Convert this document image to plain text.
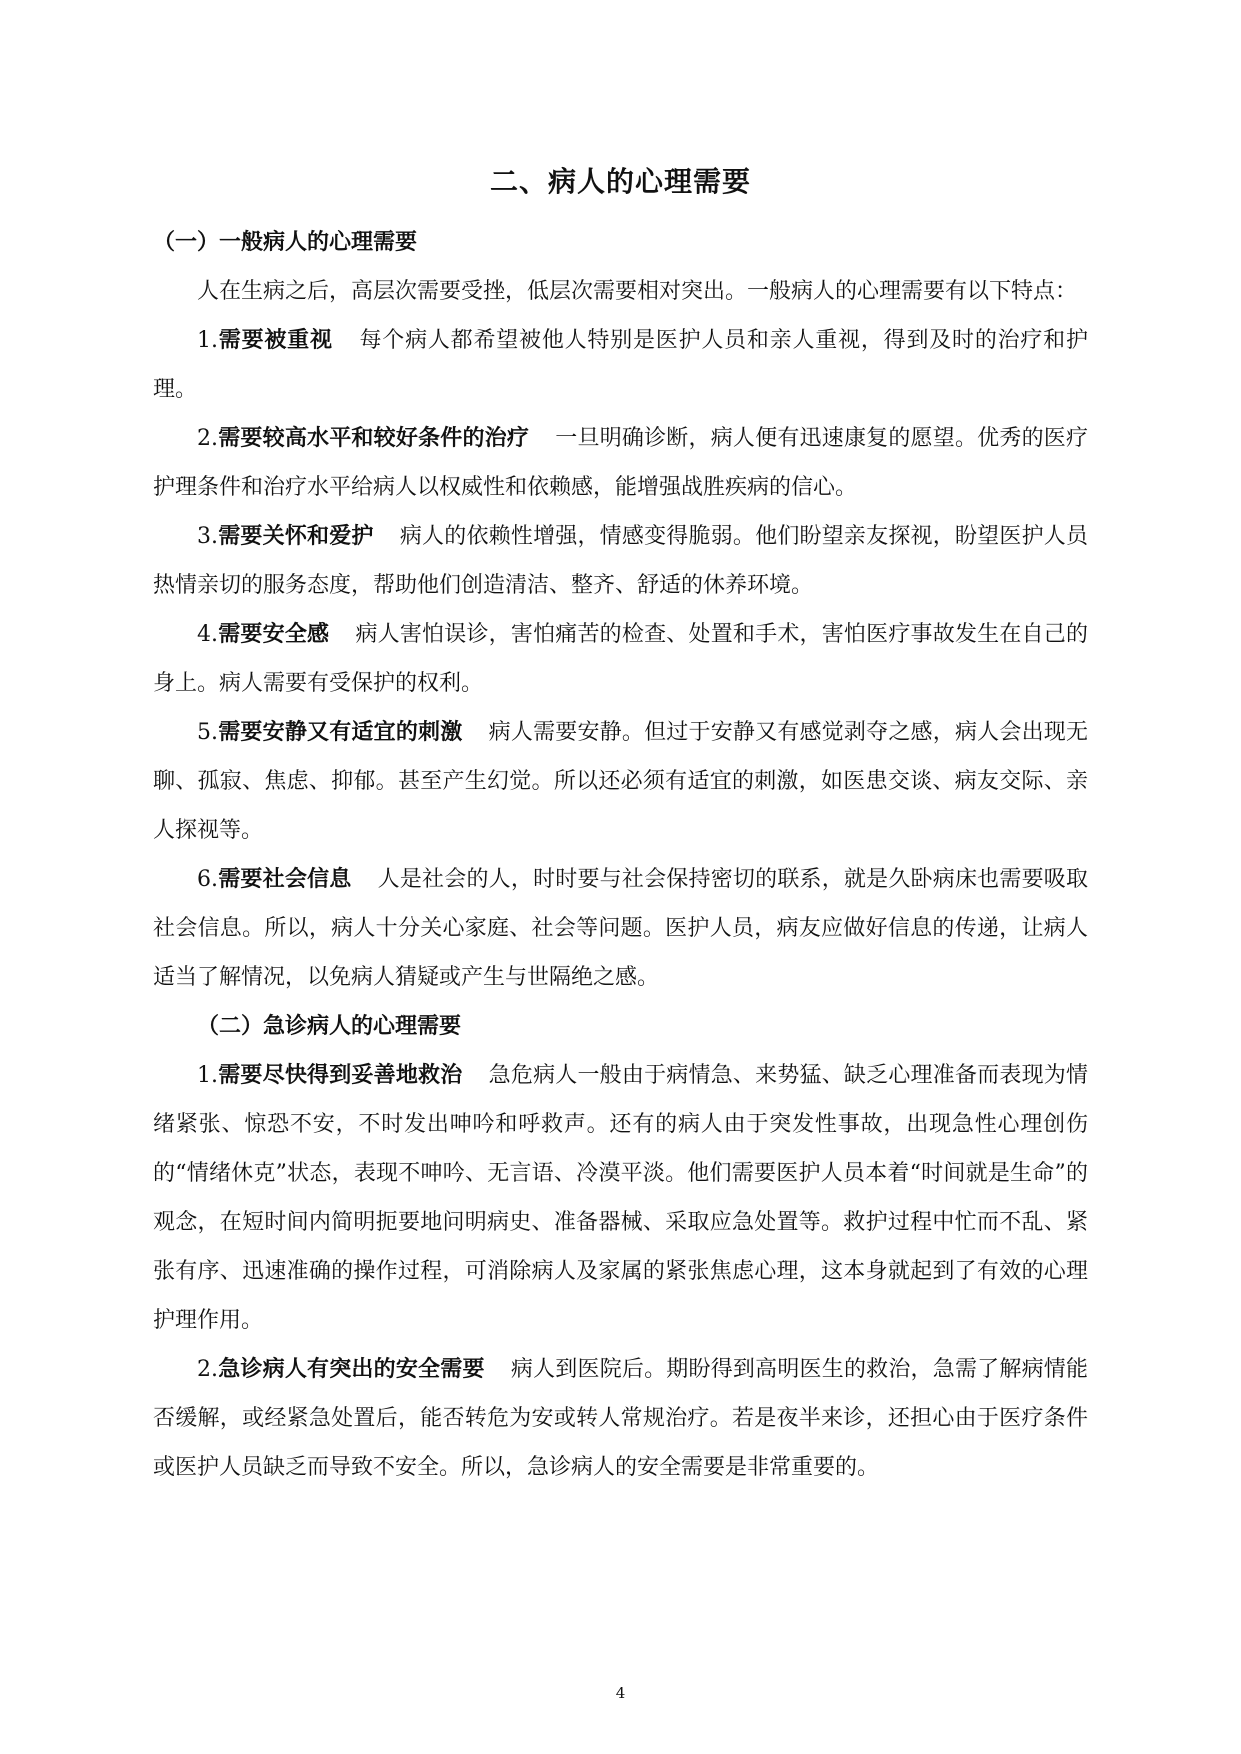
二、病人的心理需要

（一）一般病人的心理需要

人在生病之后，高层次需要受挫，低层次需要相对突出。一般病人的心理需要有以下特点：

1.需要被重视 每个病人都希望被他人特别是医护人员和亲人重视，得到及时的治疗和护理。

2.需要较高水平和较好条件的治疗 一旦明确诊断，病人便有迅速康复的愿望。优秀的医疗护理条件和治疗水平给病人以权威性和依赖感，能增强战胜疾病的信心。

3.需要关怀和爱护 病人的依赖性增强，情感变得脆弱。他们盼望亲友探视，盼望医护人员热情亲切的服务态度，帮助他们创造清洁、整齐、舒适的休养环境。

4.需要安全感 病人害怕误诊，害怕痛苦的检查、处置和手术，害怕医疗事故发生在自己的身上。病人需要有受保护的权利。

5.需要安静又有适宜的刺激 病人需要安静。但过于安静又有感觉剥夺之感，病人会出现无聊、孤寂、焦虑、抑郁。甚至产生幻觉。所以还必须有适宜的刺激，如医患交谈、病友交际、亲人探视等。

6.需要社会信息 人是社会的人，时时要与社会保持密切的联系，就是久卧病床也需要吸取社会信息。所以，病人十分关心家庭、社会等问题。医护人员，病友应做好信息的传递，让病人适当了解情况，以免病人猜疑或产生与世隔绝之感。

（二）急诊病人的心理需要

1.需要尽快得到妥善地救治 急危病人一般由于病情急、来势猛、缺乏心理准备而表现为情绪紧张、惊恐不安，不时发出呻吟和呼救声。还有的病人由于突发性事故，出现急性心理创伤的“情绪休克”状态，表现不呻吟、无言语、冷漠平淡。他们需要医护人员本着“时间就是生命”的观念，在短时间内简明扼要地问明病史、准备器械、采取应急处置等。救护过程中忙而不乱、紧张有序、迅速准确的操作过程，可消除病人及家属的紧张焦虑心理，这本身就起到了有效的心理护理作用。

2.急诊病人有突出的安全需要 病人到医院后。期盼得到高明医生的救治，急需了解病情能否缓解，或经紧急处置后，能否转危为安或转人常规治疗。若是夜半来诊，还担心由于医疗条件或医护人员缺乏而导致不安全。所以，急诊病人的安全需要是非常重要的。

4
